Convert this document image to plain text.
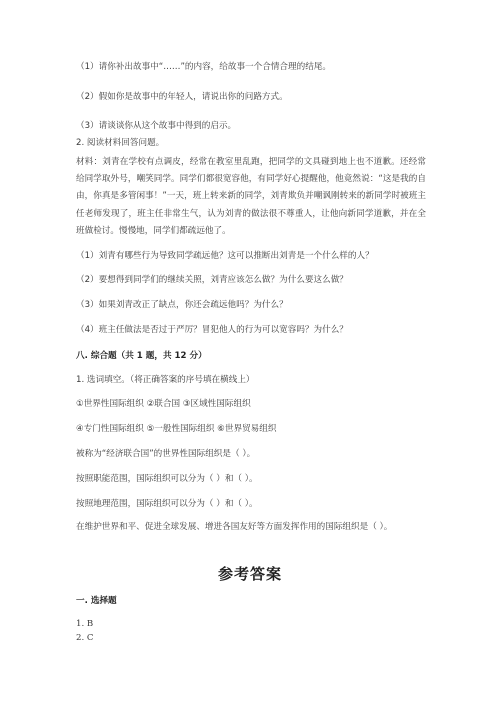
（1）请你补出故事中“……”的内容，给故事一个合情合理的结尾。
（2）假如你是故事中的年轻人，请说出你的问路方式。
（3）请谈谈你从这个故事中得到的启示。
2. 阅读材料回答问题。
材料：刘青在学校有点调皮，经常在教室里乱跑，把同学的文具碰到地上也不道歉。还经常给同学取外号，嘲笑同学。同学们都很宽容他，有同学好心提醒他，他竟然说：“这是我的自由，你真是多管闲事！”一天，班上转来新的同学，刘青欺负并嘲讽刚转来的新同学时被班主任老师发现了，班主任非常生气，认为刘青的做法很不尊重人，让他向新同学道歉，并在全班做检讨。慢慢地，同学们都疏远他了。
（1）刘青有哪些行为导致同学疏远他？这可以推断出刘青是一个什么样的人？
（2）要想得到同学们的继续关照，刘青应该怎么做？为什么要这么做？
（3）如果刘青改正了缺点，你还会疏远他吗？为什么？
（4）班主任做法是否过于严厉？冒犯他人的行为可以宽容吗？为什么？
八. 综合题（共 1 题，共 12 分）
1. 选词填空。（将正确答案的序号填在横线上）
①世界性国际组织 ②联合国 ③区域性国际组织
④专门性国际组织 ⑤一般性国际组织 ⑥世界贸易组织
被称为“经济联合国”的世界性国际组织是（ ）。
按照职能范围，国际组织可以分为（ ）和（ ）。
按照地理范围，国际组织可以分为（ ）和（ ）。
在维护世界和平、促进全球发展、增进各国友好等方面发挥作用的国际组织是（ ）。
参考答案
一. 选择题
1. B
2. C
